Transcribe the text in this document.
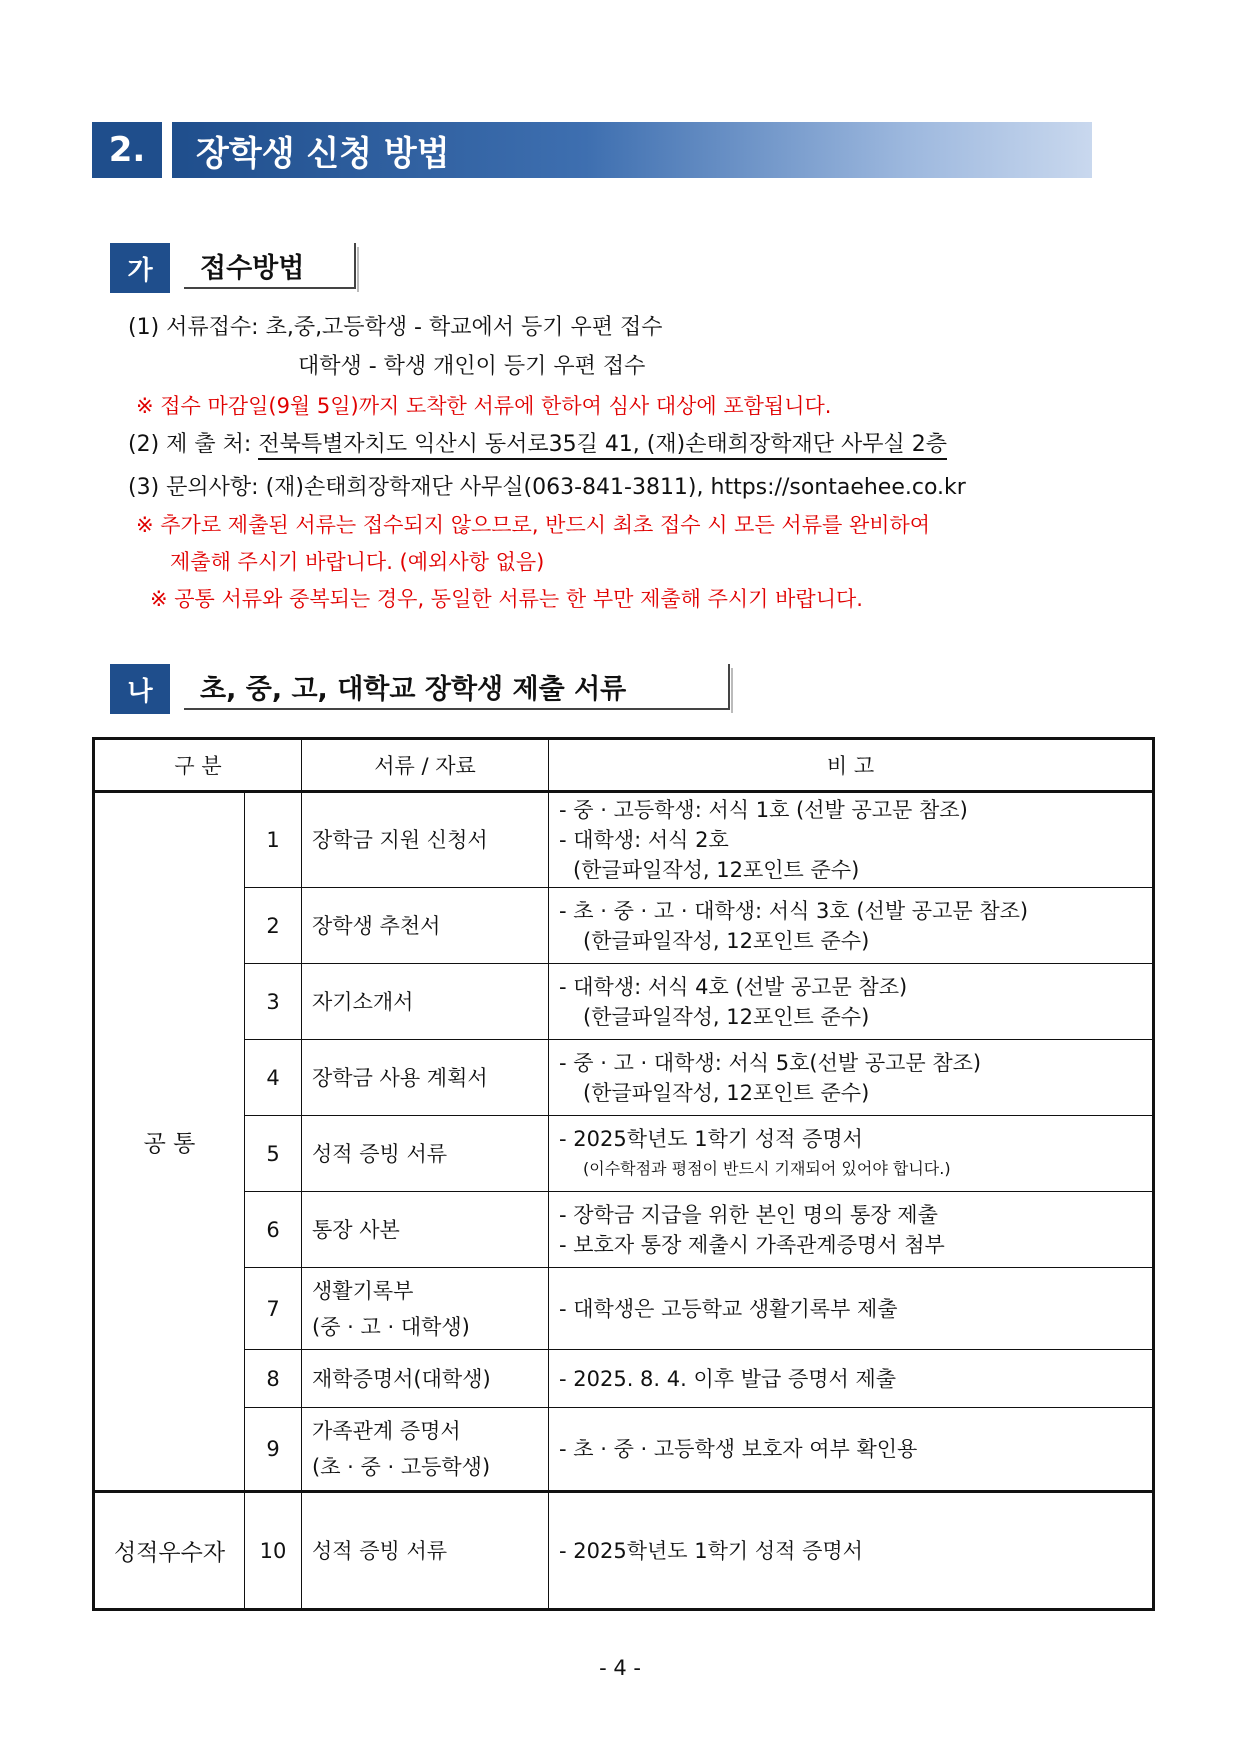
2.	장학생 신청 방법
가	접수방법
(1) 서류접수: 초,중,고등학생 - 학교에서 등기 우편 접수
대학생 - 학생 개인이 등기 우편 접수
※ 접수 마감일(9월 5일)까지 도착한 서류에 한하여 심사 대상에 포함됩니다.
(2) 제 출 처: 전북특별자치도 익산시 동서로35길 41, (재)손태희장학재단 사무실 2층
(3) 문의사항: (재)손태희장학재단 사무실(063-841-3811), https://sontaehee.co.kr
※ 추가로 제출된 서류는 접수되지 않으므로, 반드시 최초 접수 시 모든 서류를 완비하여
제출해 주시기 바랍니다. (예외사항 없음)
※ 공통 서류와 중복되는 경우, 동일한 서류는 한 부만 제출해 주시기 바랍니다.
나	초, 중, 고, 대학교 장학생 제출 서류
구 분		서류 / 자료	비 고
공 통	1	장학금 지원 신청서	- 중 · 고등학생: 서식 1호 (선발 공고문 참조)
- 대학생: 서식 2호
(한글파일작성, 12포인트 준수)

	2	장학생 추천서	- 초 · 중 · 고 · 대학생: 서식 3호 (선발 공고문 참조)
(한글파일작성, 12포인트 준수)

	3	자기소개서	- 대학생: 서식 4호 (선발 공고문 참조)
(한글파일작성, 12포인트 준수)

	4	장학금 사용 계획서	- 중 · 고 · 대학생: 서식 5호(선발 공고문 참조)
(한글파일작성, 12포인트 준수)

	5	성적 증빙 서류	- 2025학년도 1학기 성적 증명서
(이수학점과 평점이 반드시 기재되어 있어야 합니다.)

	6	통장 사본	- 장학금 지급을 위한 본인 명의 통장 제출
- 보호자 통장 제출시 가족관계증명서 첨부

	7	생활기록부
(중 · 고 · 대학생)	- 대학생은 고등학교 생활기록부 제출

	8	재학증명서(대학생)	- 2025. 8. 4. 이후 발급 증명서 제출

	9	가족관계 증명서
(초 · 중 · 고등학생)	- 초 · 중 · 고등학생 보호자 여부 확인용

성적우수자	10	성적 증빙 서류	- 2025학년도 1학기 성적 증명서
- 4 -
